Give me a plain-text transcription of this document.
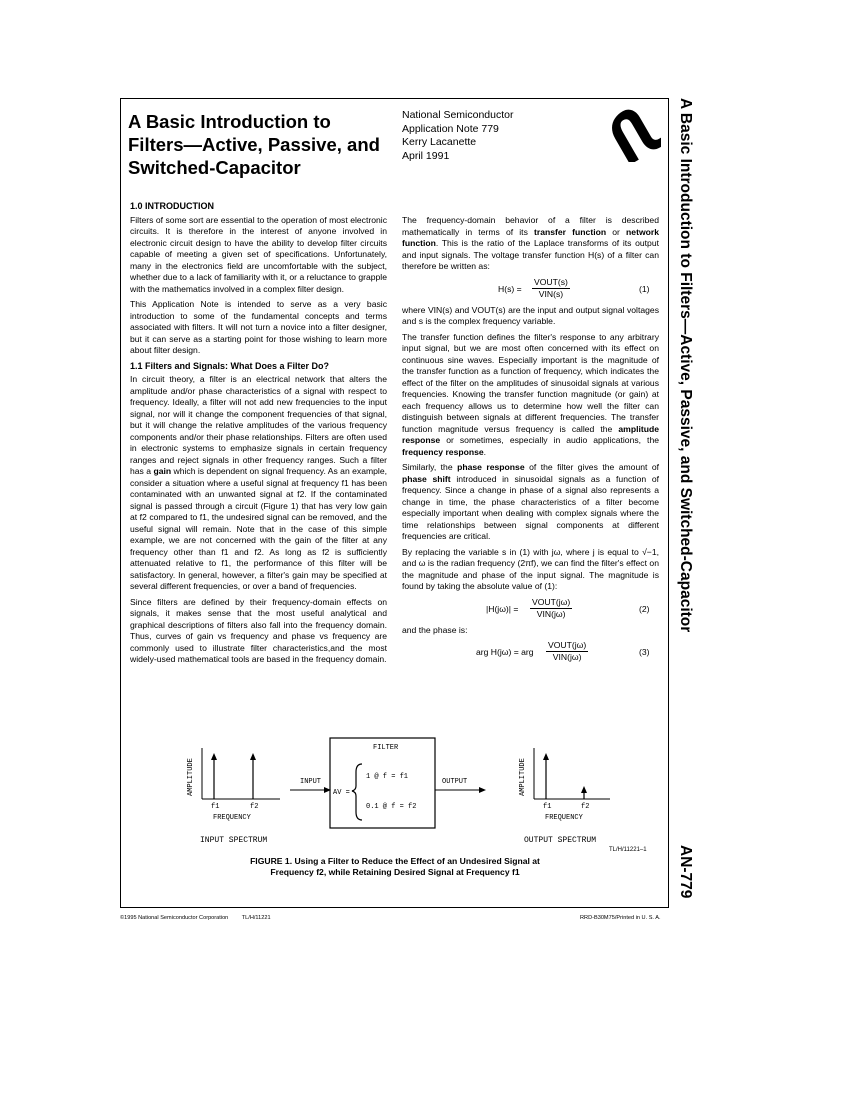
A Basic Introduction to Filters—Active, Passive, and Switched-Capacitor
National Semiconductor
Application Note 779
Kerry Lacanette
April 1991	A Basic Introduction to Filters—Active, Passive, and Switched-Capacitor
AN-779
1.0 INTRODUCTION

Filters of some sort are essential to the operation of most electronic circuits. It is therefore in the interest of anyone involved in electronic circuit design to have the ability to develop filter circuits capable of meeting a given set of specifications. Unfortunately, many in the electronics field are uncomfortable with the subject, whether due to a lack of familiarity with it, or a reluctance to grapple with the mathematics involved in a complex filter design.

This Application Note is intended to serve as a very basic introduction to some of the fundamental concepts and terms associated with filters. It will not turn a novice into a filter designer, but it can serve as a starting point for those wishing to learn more about filter design.

1.1 Filters and Signals: What Does a Filter Do?

In circuit theory, a filter is an electrical network that alters the amplitude and/or phase characteristics of a signal with respect to frequency. Ideally, a filter will not add new frequencies to the input signal, nor will it change the component frequencies of that signal, but it will change the relative amplitudes of the various frequency components and/or their phase relationships. Filters are often used in electronic systems to emphasize signals in certain frequency ranges and reject signals in other frequency ranges. Such a filter has a gain which is dependent on signal frequency. As an example, consider a situation where a useful signal at frequency f1 has been contaminated with an unwanted signal at f2. If the contaminated signal is passed through a circuit (Figure 1) that has very low gain at f2 compared to f1, the undesired signal can be removed, and the useful signal will remain. Note that in the case of this simple example, we are not concerned with the gain of the filter at any frequency other than f1 and f2. As long as f2 is sufficiently attenuated relative to f1, the performance of this filter will be satisfactory. In general, however, a filter's gain may be specified at several different frequencies, or over a band of frequencies.

Since filters are defined by their frequency-domain effects on signals, it makes sense that the most useful analytical and graphical descriptions of filters also fall into the frequency domain. Thus, curves of gain vs frequency and phase vs frequency are commonly used to illustrate filter characteristics,and the most widely-used mathematical tools are based in the frequency domain.

The frequency-domain behavior of a filter is described mathematically in terms of its transfer function or network function. This is the ratio of the Laplace transforms of its output and input signals. The voltage transfer function H(s) of a filter can therefore be written as:

H(s) =
VOUT(s)
VIN(s)	(1)

where VIN(s) and VOUT(s) are the input and output signal voltages and s is the complex frequency variable.

The transfer function defines the filter's response to any arbitrary input signal, but we are most often concerned with its effect on continuous sine waves. Especially important is the magnitude of the transfer function as a function of frequency, which indicates the effect of the filter on the amplitudes of sinusoidal signals at various frequencies. Knowing the transfer function magnitude (or gain) at each frequency allows us to determine how well the filter can distinguish between signals at different frequencies. The transfer function magnitude versus frequency is called the amplitude response or sometimes, especially in audio applications, the frequency response.

Similarly, the phase response of the filter gives the amount of phase shift introduced in sinusoidal signals as a function of frequency. Since a change in phase of a signal also represents a change in time, the phase characteristics of a filter become especially important when dealing with complex signals where the time relationships between signal components at different frequencies are critical.

By replacing the variable s in (1) with jω, where j is equal to √−1, and ω is the radian frequency (2πf), we can find the filter's effect on the magnitude and phase of the input signal. The magnitude is found by taking the absolute value of (1):

|H(jω)| =
VOUT(jω)
VIN(jω)	(2)

and the phase is:

arg H(jω) = arg
VOUT(jω)
VIN(jω)	(3)
AMPLITUDE
f1	f2
FREQUENCY
INPUT SPECTRUM
INPUT
FILTER
AV =
1 @ f = f1
0.1 @ f = f2
OUTPUT	AMPLITUDE
f1	f2
FREQUENCY
OUTPUT SPECTRUM
TL/H/11221–1
FIGURE 1. Using a Filter to Reduce the Effect of an Undesired Signal at
Frequency f2, while Retaining Desired Signal at Frequency f1
©1995 National Semiconductor Corporation TL/H/11221	RRD-B30M75/Printed in U. S. A.
